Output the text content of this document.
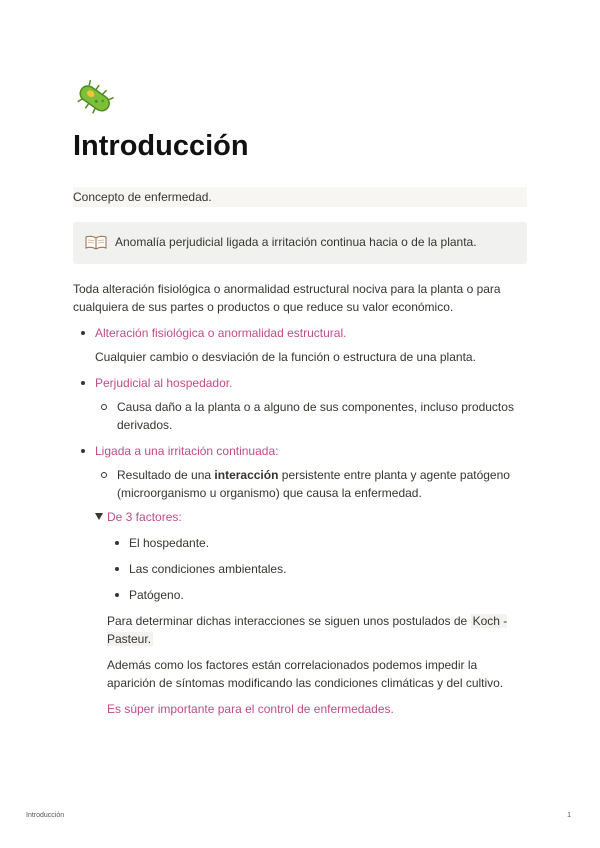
Introducción
Concepto de enfermedad.
Anomalía perjudicial ligada a irritación continua hacia o de la planta.
Toda alteración fisiológica o anormalidad estructural nociva para la planta o para cualquiera de sus partes o productos o que reduce su valor económico.
Alteración fisiológica o anormalidad estructural.
Cualquier cambio o desviación de la función o estructura de una planta.
Perjudicial al hospedador.
Causa daño a la planta o a alguno de sus componentes, incluso productos derivados.
Ligada a una irritación continuada:
Resultado de una interacción persistente entre planta y agente patógeno (microorganismo u organismo) que causa la enfermedad.
De 3 factores:
El hospedante.
Las condiciones ambientales.
Patógeno.

Para determinar dichas interacciones se siguen unos postulados de Koch - Pasteur.

Además como los factores están correlacionados podemos impedir la aparición de síntomas modificando las condiciones climáticas y del cultivo.

Es súper importante para el control de enfermedades.

Introducción	1
